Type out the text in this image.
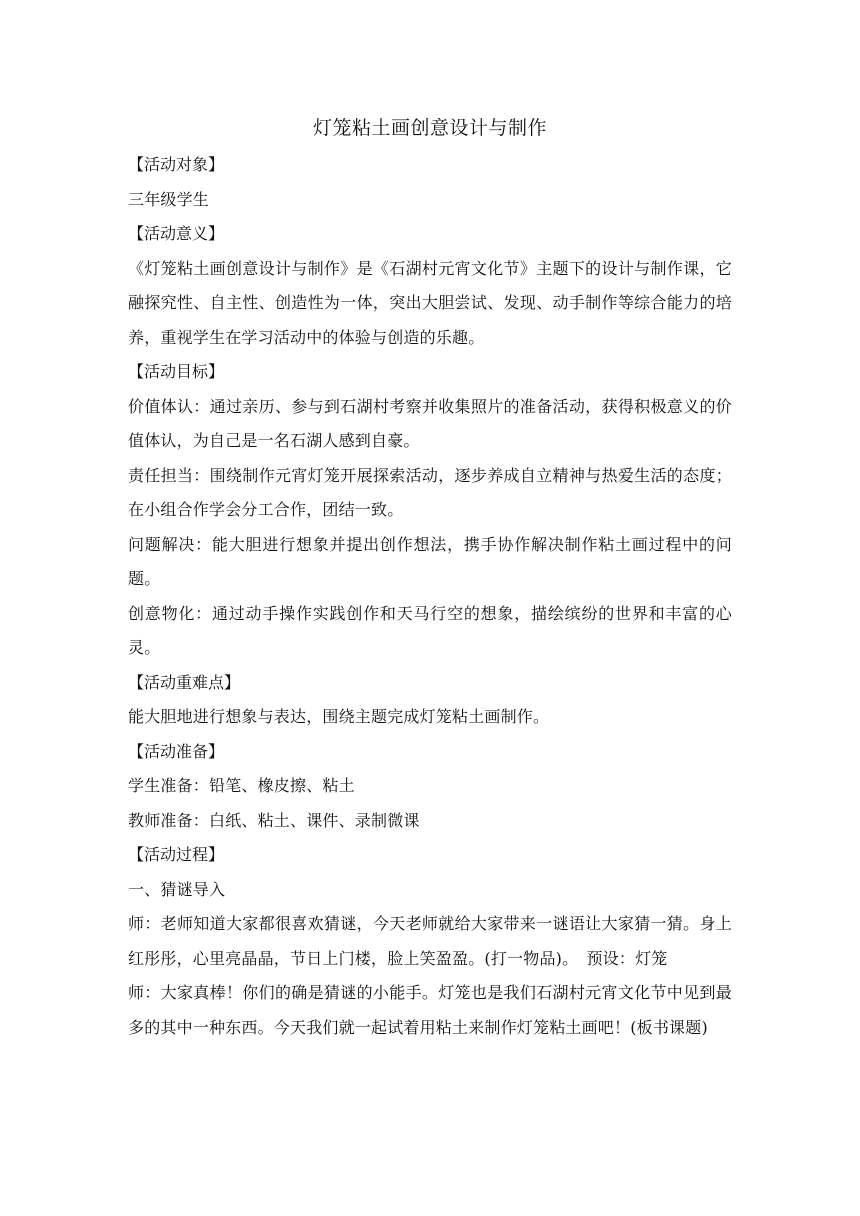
灯笼粘土画创意设计与制作

【活动对象】

三年级学生

【活动意义】

《灯笼粘土画创意设计与制作》是《石湖村元宵文化节》主题下的设计与制作课，它融探究性、自主性、创造性为一体，突出大胆尝试、发现、动手制作等综合能力的培养，重视学生在学习活动中的体验与创造的乐趣。

【活动目标】

价值体认：通过亲历、参与到石湖村考察并收集照片的准备活动，获得积极意义的价值体认，为自己是一名石湖人感到自豪。

责任担当：围绕制作元宵灯笼开展探索活动，逐步养成自立精神与热爱生活的态度；在小组合作学会分工合作，团结一致。

问题解决：能大胆进行想象并提出创作想法，携手协作解决制作粘土画过程中的问题。

创意物化：通过动手操作实践创作和天马行空的想象，描绘缤纷的世界和丰富的心灵。

【活动重难点】

能大胆地进行想象与表达，围绕主题完成灯笼粘土画制作。

【活动准备】

学生准备：铅笔、橡皮擦、粘土

教师准备：白纸、粘土、课件、录制微课

【活动过程】

一、猜谜导入

师：老师知道大家都很喜欢猜谜，今天老师就给大家带来一谜语让大家猜一猜。身上红彤彤，心里亮晶晶，节日上门楼，脸上笑盈盈。(打一物品)。　预设：灯笼

师：大家真棒！你们的确是猜谜的小能手。灯笼也是我们石湖村元宵文化节中见到最多的其中一种东西。今天我们就一起试着用粘土来制作灯笼粘土画吧！(板书课题)
